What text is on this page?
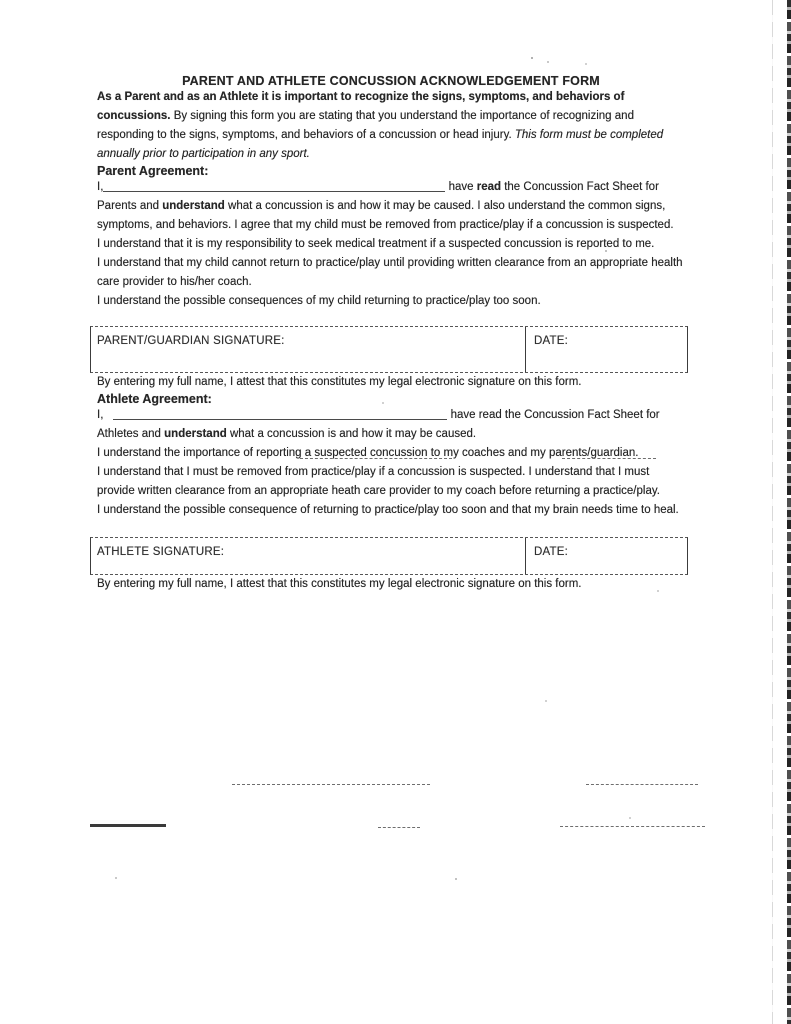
PARENT AND ATHLETE CONCUSSION ACKNOWLEDGEMENT FORM

As a Parent and as an Athlete it is important to recognize the signs, symptoms, and behaviors of concussions. By signing this form you are stating that you understand the importance of recognizing and responding to the signs, symptoms, and behaviors of a concussion or head injury. This form must be completed annually prior to participation in any sport.

Parent Agreement:

I,	have read the Concussion Fact Sheet for Parents and understand what a concussion is and how it may be caused. I also understand the common signs, symptoms, and behaviors. I agree that my child must be removed from practice/play if a concussion is suspected.

I understand that it is my responsibility to seek medical treatment if a suspected concussion is reported to me.

I understand that my child cannot return to practice/play until providing written clearance from an appropriate health care provider to his/her coach.

I understand the possible consequences of my child returning to practice/play too soon.

PARENT/GUARDIAN SIGNATURE:	DATE:

By entering my full name, I attest that this constitutes my legal electronic signature on this form.

Athlete Agreement:

I,	have read the Concussion Fact Sheet for Athletes and understand what a concussion is and how it may be caused.

I understand the importance of reporting a suspected concussion to my coaches and my parents/guardian.

I understand that I must be removed from practice/play if a concussion is suspected. I understand that I must provide written clearance from an appropriate heath care provider to my coach before returning a practice/play.

I understand the possible consequence of returning to practice/play too soon and that my brain needs time to heal.

ATHLETE SIGNATURE:	DATE:

By entering my full name, I attest that this constitutes my legal electronic signature on this form.
